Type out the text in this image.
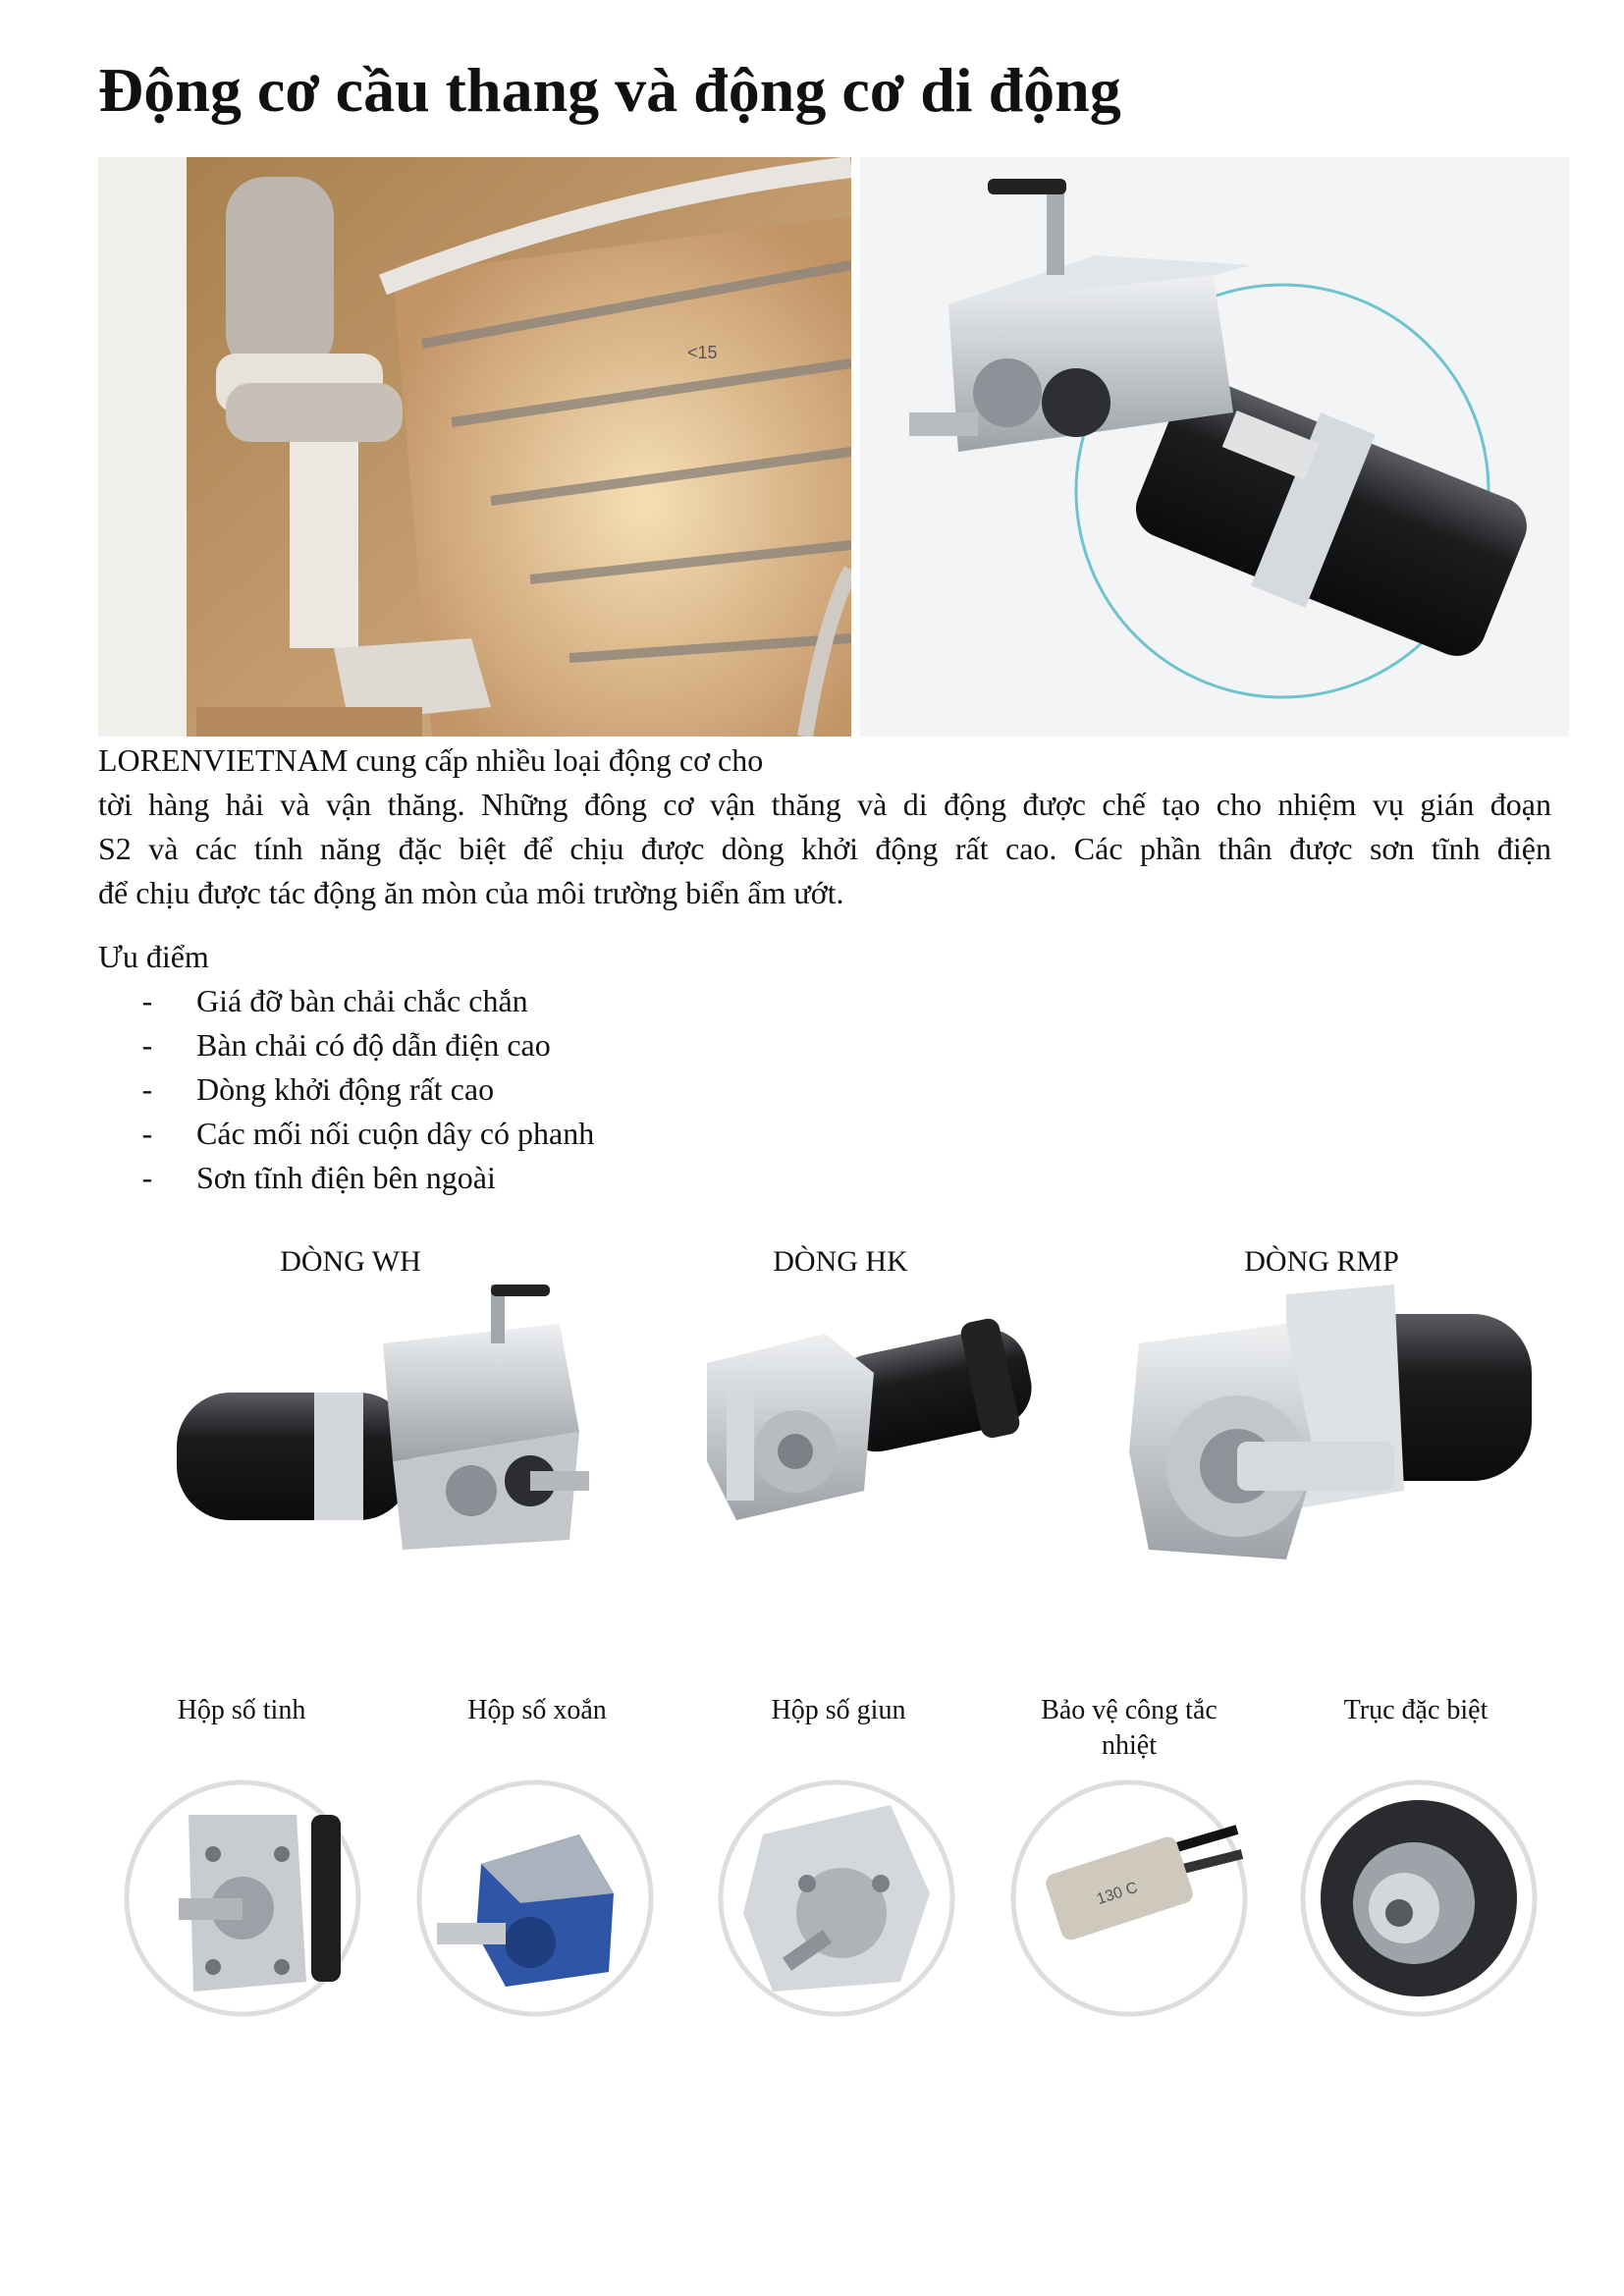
Động cơ cầu thang và động cơ di động
<15

LORENVIETNAM cung cấp nhiều loại động cơ cho
tời hàng hải và vận thăng. Những đông cơ vận thăng và di động được chế tạo cho nhiệm vụ gián đoạn
S2 và các tính năng đặc biệt để chịu được dòng khởi động rất cao. Các phần thân được sơn tĩnh điện
để chịu được tác động ăn mòn của môi trường biển ẩm ướt.

Ưu điểm
- Giá đỡ bàn chải chắc chắn
- Bàn chải có độ dẫn điện cao
- Dòng khởi động rất cao
- Các mối nối cuộn dây có phanh
- Sơn tĩnh điện bên ngoài
DÒNG WH	DÒNG HK	DÒNG RMP
Hộp số tinh	Hộp số xoắn	Hộp số giun	Bảo vệ công tắc nhiệt
Trục đặc biệt
130 C
